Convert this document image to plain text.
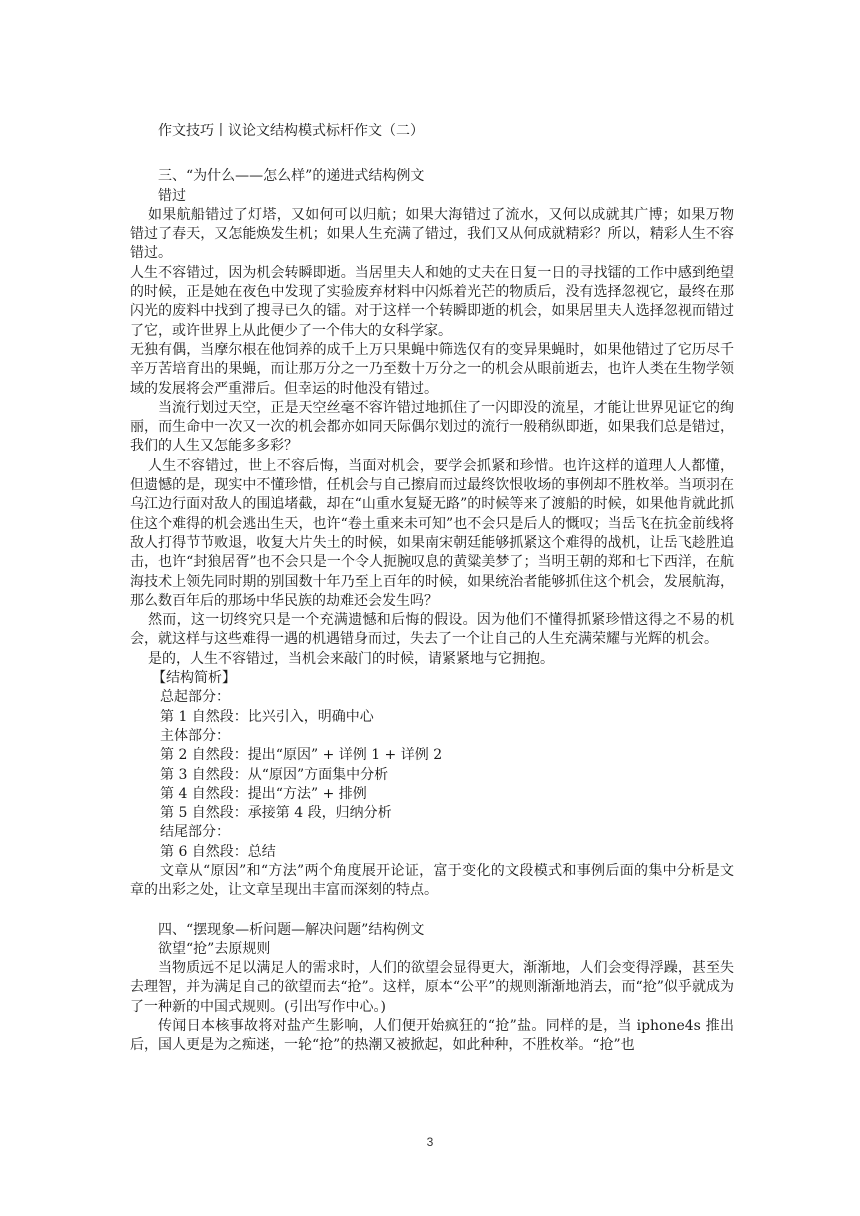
作文技巧丨议论文结构模式标杆作文（二）

三、“为什么——怎么样”的递进式结构例文

错过

如果航船错过了灯塔，又如何可以归航；如果大海错过了流水，又何以成就其广博；如果万物错过了春天，又怎能焕发生机；如果人生充满了错过，我们又从何成就精彩？所以，精彩人生不容错过。

人生不容错过，因为机会转瞬即逝。当居里夫人和她的丈夫在日复一日的寻找镭的工作中感到绝望的时候，正是她在夜色中发现了实验废弃材料中闪烁着光芒的物质后，没有选择忽视它，最终在那闪光的废料中找到了搜寻已久的镭。对于这样一个转瞬即逝的机会，如果居里夫人选择忽视而错过了它，或许世界上从此便少了一个伟大的女科学家。

无独有偶，当摩尔根在他饲养的成千上万只果蝇中筛选仅有的变异果蝇时，如果他错过了它历尽千辛万苦培育出的果蝇，而让那万分之一乃至数十万分之一的机会从眼前逝去，也许人类在生物学领域的发展将会严重滞后。但幸运的时他没有错过。

当流行划过天空，正是天空丝毫不容许错过地抓住了一闪即没的流星，才能让世界见证它的绚丽，而生命中一次又一次的机会都亦如同天际偶尔划过的流行一般稍纵即逝，如果我们总是错过，我们的人生又怎能多多彩？

人生不容错过，世上不容后悔，当面对机会，要学会抓紧和珍惜。也许这样的道理人人都懂，但遗憾的是，现实中不懂珍惜，任机会与自己擦肩而过最终饮恨收场的事例却不胜枚举。当项羽在乌江边行面对敌人的围追堵截，却在“山重水复疑无路”的时候等来了渡船的时候，如果他肯就此抓住这个难得的机会逃出生天，也许“卷土重来未可知”也不会只是后人的慨叹；当岳飞在抗金前线将敌人打得节节败退，收复大片失土的时候，如果南宋朝廷能够抓紧这个难得的战机，让岳飞趁胜追击，也许“封狼居胥”也不会只是一个令人扼腕叹息的黄粱美梦了；当明王朝的郑和七下西洋，在航海技术上领先同时期的别国数十年乃至上百年的时候，如果统治者能够抓住这个机会，发展航海，那么数百年后的那场中华民族的劫难还会发生吗？

然而，这一切终究只是一个充满遗憾和后悔的假设。因为他们不懂得抓紧珍惜这得之不易的机会，就这样与这些难得一遇的机遇错身而过，失去了一个让自己的人生充满荣耀与光辉的机会。

是的，人生不容错过，当机会来敲门的时候，请紧紧地与它拥抱。

【结构简析】

总起部分：

第 1 自然段：比兴引入，明确中心

主体部分：

第 2 自然段：提出“原因” + 详例 1 + 详例 2

第 3 自然段：从“原因”方面集中分析

第 4 自然段：提出“方法” + 排例

第 5 自然段：承接第 4 段，归纳分析

结尾部分：

第 6 自然段：总结

文章从“原因”和“方法”两个角度展开论证，富于变化的文段模式和事例后面的集中分析是文章的出彩之处，让文章呈现出丰富而深刻的特点。

四、“摆现象—析问题—解决问题”结构例文

欲望“抢”去原规则

当物质远不足以满足人的需求时，人们的欲望会显得更大，渐渐地，人们会变得浮躁，甚至失去理智，并为满足自己的欲望而去“抢”。这样，原本“公平”的规则渐渐地消去，而“抢”似乎就成为了一种新的中国式规则。(引出写作中心。)

传闻日本核事故将对盐产生影响，人们便开始疯狂的“抢”盐。同样的是，当 iphone4s 推出后，国人更是为之痴迷，一轮“抢”的热潮又被掀起，如此种种，不胜枚举。“抢”也

3
